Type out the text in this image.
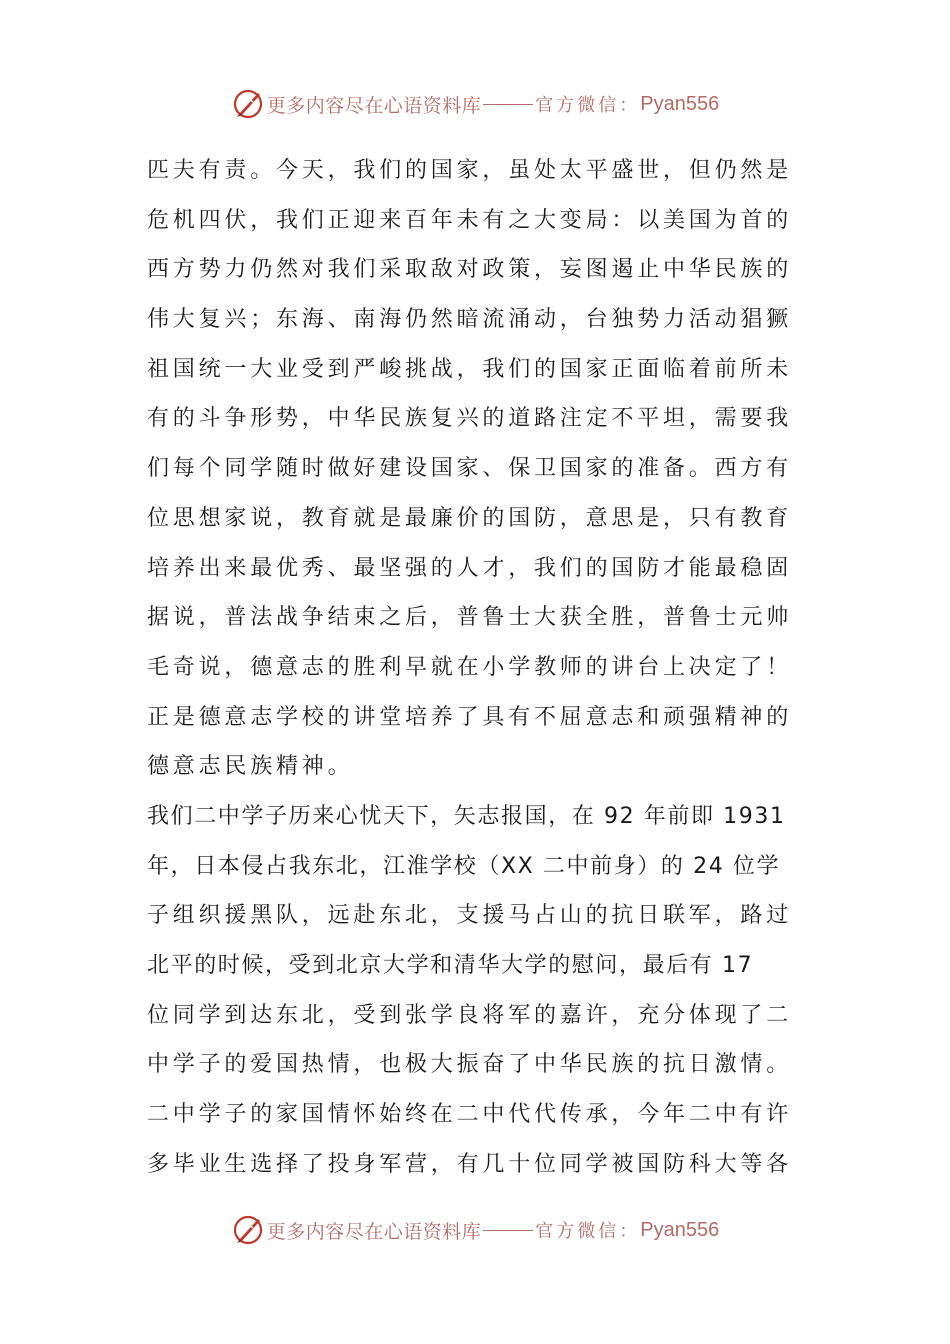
更多内容尽在心语资料库	官方微信： Pyan556
匹夫有责。今天，我们的国家，虽处太平盛世，但仍然是
危机四伏，我们正迎来百年未有之大变局：以美国为首的
西方势力仍然对我们采取敌对政策，妄图遏止中华民族的
伟大复兴；东海、南海仍然暗流涌动，台独势力活动猖獗
祖国统一大业受到严峻挑战，我们的国家正面临着前所未
有的斗争形势，中华民族复兴的道路注定不平坦，需要我
们每个同学随时做好建设国家、保卫国家的准备。西方有
位思想家说，教育就是最廉价的国防，意思是，只有教育
培养出来最优秀、最坚强的人才，我们的国防才能最稳固
据说，普法战争结束之后，普鲁士大获全胜，普鲁士元帅
毛奇说，德意志的胜利早就在小学教师的讲台上决定了！
正是德意志学校的讲堂培养了具有不屈意志和顽强精神的
德意志民族精神。
我们二中学子历来心忧天下，矢志报国，在 92 年前即 1931
年，日本侵占我东北，江淮学校（XX 二中前身）的 24 位学
子组织援黑队，远赴东北，支援马占山的抗日联军，路过
北平的时候，受到北京大学和清华大学的慰问，最后有 17
位同学到达东北，受到张学良将军的嘉许，充分体现了二
中学子的爱国热情，也极大振奋了中华民族的抗日激情。
二中学子的家国情怀始终在二中代代传承，今年二中有许
多毕业生选择了投身军营，有几十位同学被国防科大等各
更多内容尽在心语资料库	官方微信： Pyan556
